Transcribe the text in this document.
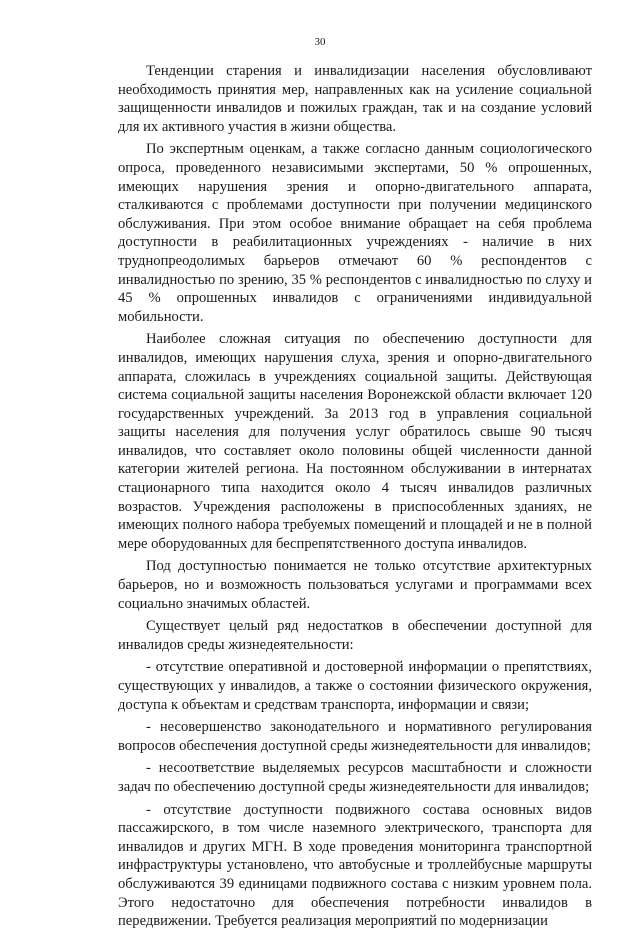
30

Тенденции старения и инвалидизации населения обусловливают необходимость принятия мер, направленных как на усиление социальной защищенности инвалидов и пожилых граждан, так и на создание условий для их активного участия в жизни общества.

По экспертным оценкам, а также согласно данным социологического опроса, проведенного независимыми экспертами, 50 % опрошенных, имеющих нарушения зрения и опорно-двигательного аппарата, сталкиваются с проблемами доступности при получении медицинского обслуживания. При этом особое внимание обращает на себя проблема доступности в реабилитационных учреждениях - наличие в них труднопреодолимых барьеров отмечают 60 % респондентов с инвалидностью по зрению, 35 % респондентов с инвалидностью по слуху и 45 % опрошенных инвалидов с ограничениями индивидуальной мобильности.

Наиболее сложная ситуация по обеспечению доступности для инвалидов, имеющих нарушения слуха, зрения и опорно-двигательного аппарата, сложилась в учреждениях социальной защиты. Действующая система социальной защиты населения Воронежской области включает 120 государственных учреждений. За 2013 год в управления социальной защиты населения для получения услуг обратилось свыше 90 тысяч инвалидов, что составляет около половины общей численности данной категории жителей региона. На постоянном обслуживании в интернатах стационарного типа находится около 4 тысяч инвалидов различных возрастов. Учреждения расположены в приспособленных зданиях, не имеющих полного набора требуемых помещений и площадей и не в полной мере оборудованных для беспрепятственного доступа инвалидов.

Под доступностью понимается не только отсутствие архитектурных барьеров, но и возможность пользоваться услугами и программами всех социально значимых областей.

Существует целый ряд недостатков в обеспечении доступной для инвалидов среды жизнедеятельности:

- отсутствие оперативной и достоверной информации о препятствиях, существующих у инвалидов, а также о состоянии физического окружения, доступа к объектам и средствам транспорта, информации и связи;

- несовершенство законодательного и нормативного регулирования вопросов обеспечения доступной среды жизнедеятельности для инвалидов;

- несоответствие выделяемых ресурсов масштабности и сложности задач по обеспечению доступной среды жизнедеятельности для инвалидов;

- отсутствие доступности подвижного состава основных видов пассажирского, в том числе наземного электрического, транспорта для инвалидов и других МГН. В ходе проведения мониторинга транспортной инфраструктуры установлено, что автобусные и троллейбусные маршруты обслуживаются 39 единицами подвижного состава с низким уровнем пола. Этого недостаточно для обеспечения потребности инвалидов в передвижении. Требуется реализация мероприятий по модернизации
